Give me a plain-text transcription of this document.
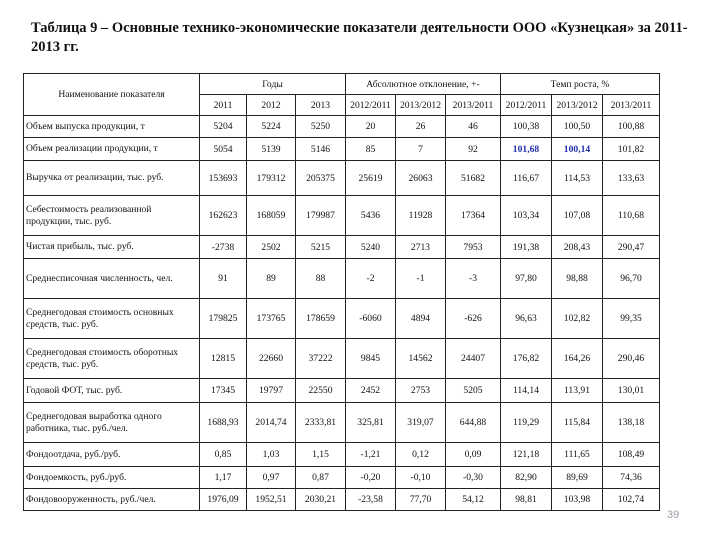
Таблица 9 – Основные технико-экономические показатели деятельности ООО «Кузнецкая» за 2011-2013 гг.
Наименование показателя	Годы			Абсолютное отклонение, +-			Темп роста, %		
	2011	2012	2013	2012/2011	2013/2012	2013/2011	2012/2011	2013/2012	2013/2011
Объем выпуска продукции, т	5204	5224	5250	20	26	46	100,38	100,50	100,88
Объем реализации продукции, т	5054	5139	5146	85	7	92	101,68	100,14	101,82
Выручка от реализации, тыс. руб.	153693	179312	205375	25619	26063	51682	116,67	114,53	133,63
Себестоимость реализованной продукции, тыс. руб.	162623	168059	179987	5436	11928	17364	103,34	107,08	110,68
Чистая прибыль, тыс. руб.	-2738	2502	5215	5240	2713	7953	191,38	208,43	290,47
Среднесписочная численность, чел.	91	89	88	-2	-1	-3	97,80	98,88	96,70
Среднегодовая стоимость основных средств, тыс. руб.	179825	173765	178659	-6060	4894	-626	96,63	102,82	99,35
Среднегодовая стоимость оборотных средств, тыс. руб.	12815	22660	37222	9845	14562	24407	176,82	164,26	290,46
Годовой ФОТ, тыс. руб.	17345	19797	22550	2452	2753	5205	114,14	113,91	130,01
Среднегодовая выработка одного работника, тыс. руб./чел.	1688,93	2014,74	2333,81	325,81	319,07	644,88	119,29	115,84	138,18
Фондоотдача, руб./руб.	0,85	1,03	1,15	-1,21	0,12	0,09	121,18	111,65	108,49
Фондоемкость, руб./руб.	1,17	0,97	0,87	-0,20	-0,10	-0,30	82,90	89,69	74,36
Фондовооруженность, руб./чел.	1976,09	1952,51	2030,21	-23,58	77,70	54,12	98,81	103,98	102,74
39
